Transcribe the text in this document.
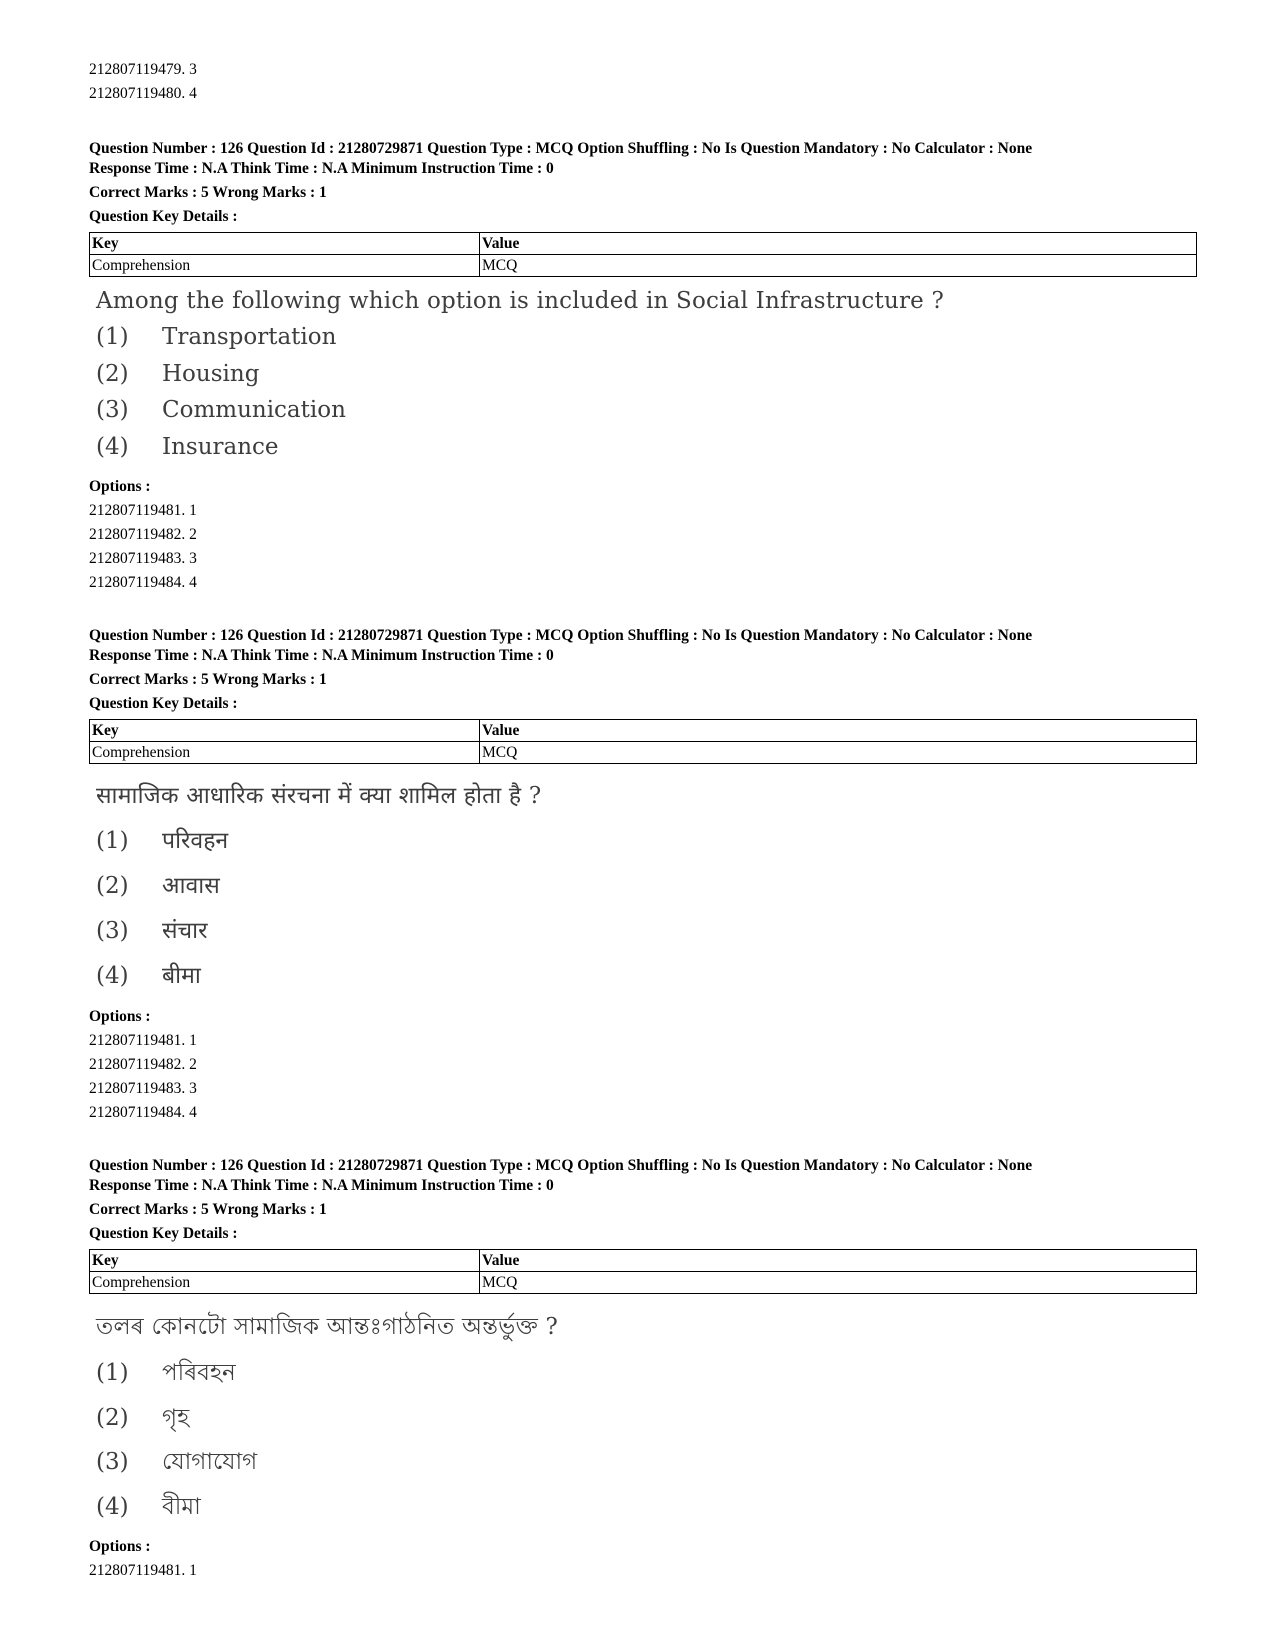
212807119479. 3
212807119480. 4
Question Number : 126 Question Id : 21280729871 Question Type : MCQ Option Shuffling : No Is Question Mandatory : No Calculator : None
Response Time : N.A Think Time : N.A Minimum Instruction Time : 0
Correct Marks : 5 Wrong Marks : 1
Question Key Details :
Key	Value
Comprehension	MCQ
Among the following which option is included in Social Infrastructure ?
(1) Transportation
(2) Housing
(3) Communication
(4) Insurance
Options :
212807119481. 1
212807119482. 2
212807119483. 3
212807119484. 4
Question Number : 126 Question Id : 21280729871 Question Type : MCQ Option Shuffling : No Is Question Mandatory : No Calculator : None
Response Time : N.A Think Time : N.A Minimum Instruction Time : 0
Correct Marks : 5 Wrong Marks : 1
Question Key Details :
Key	Value
Comprehension	MCQ
सामाजिक आधारिक संरचना में क्या शामिल होता है ?
(1) परिवहन
(2) आवास
(3) संचार
(4) बीमा
Options :
212807119481. 1
212807119482. 2
212807119483. 3
212807119484. 4
Question Number : 126 Question Id : 21280729871 Question Type : MCQ Option Shuffling : No Is Question Mandatory : No Calculator : None
Response Time : N.A Think Time : N.A Minimum Instruction Time : 0
Correct Marks : 5 Wrong Marks : 1
Question Key Details :
Key	Value
Comprehension	MCQ
তলৰ কোনটো সামাজিক আন্তঃগাঠনিত অন্তৰ্ভুক্ত ?
(1) পৰিবহন
(2) গৃহ
(3) যোগাযোগ
(4) বীমা
Options :
212807119481. 1
